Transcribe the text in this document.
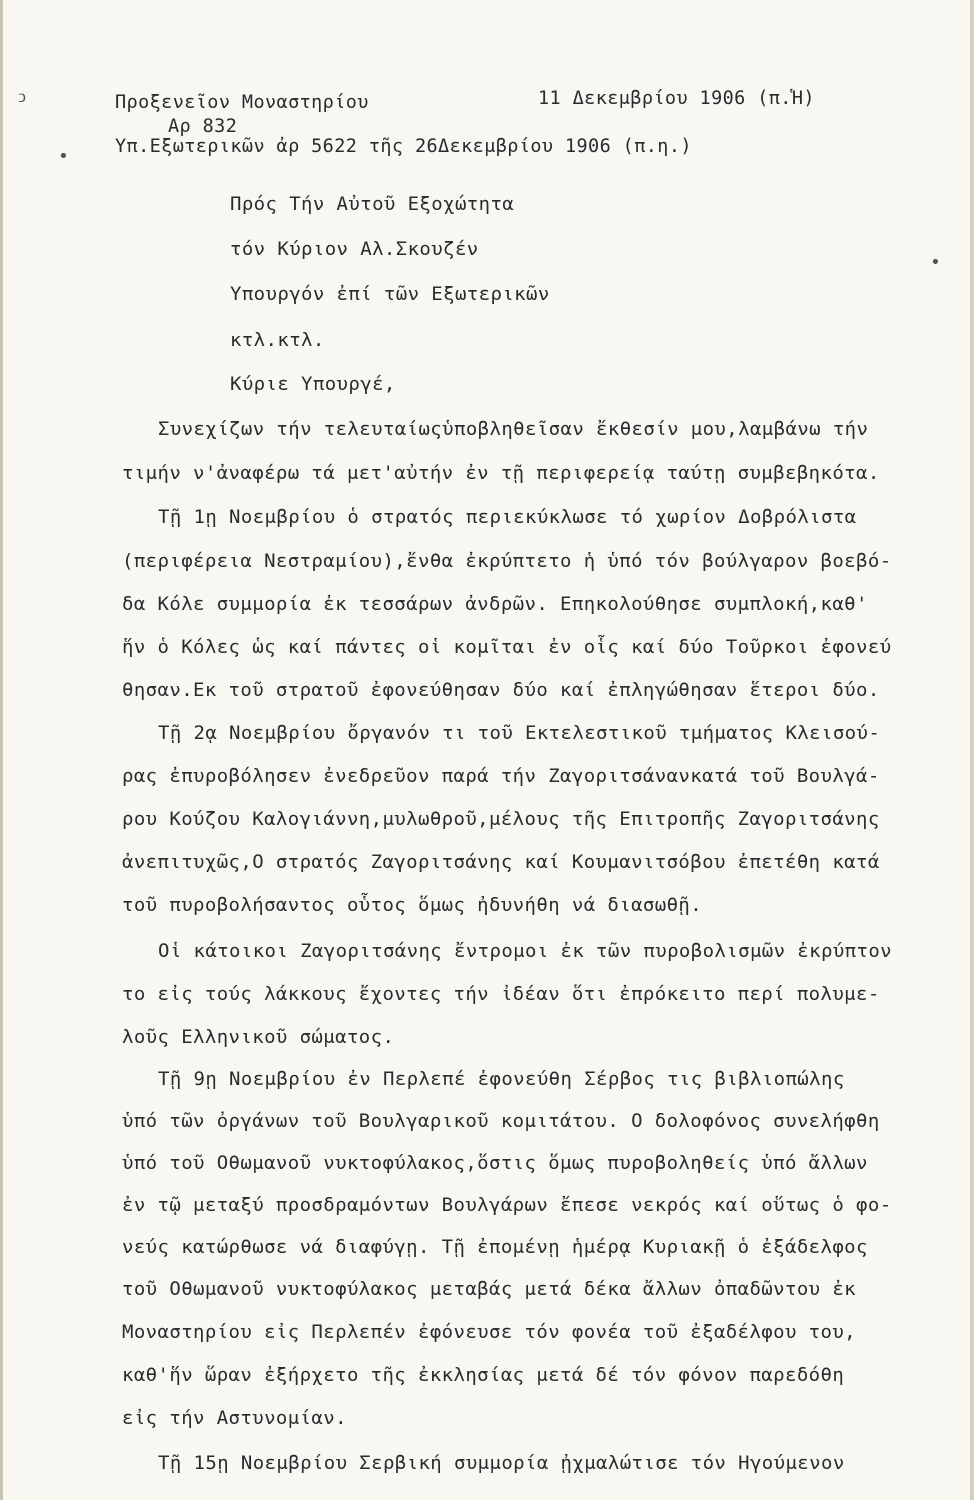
ↄ
•
•
Προξενεῖον Μοναστηρίου	11 Δεκεμβρίου 1906 (π.Ἡ)
Αρ 832
Υπ.Εξωτερικῶν ἀρ 5622 τῆς 26Δεκεμβρίου 1906 (π.η.)
Πρός Τήν Αὐτοῦ Εξοχώτητα
τόν Κύριον Αλ.Σκουζέν
Υπουργόν ἐπί τῶν Εξωτερικῶν
κτλ.κτλ.
Κύριε Υπουργέ,
Συνεχίζων τήν τελευταίωςὑποβληθεῖσαν ἔκθεσίν μου,λαμβάνω τήν
τιμήν ν'ἀναφέρω τά μετ'αὐτήν ἐν τῇ περιφερείᾳ ταύτῃ συμβεβηκότα.
Τῇ 1ῃ Νοεμβρίου ὁ στρατός περιεκύκλωσε τό χωρίον Δοβρόλιστα
(περιφέρεια Νεστραμίου),ἔνθα ἐκρύπτετο ἡ ὑπό τόν βούλγαρον βοεβό-
δα Κόλε συμμορία ἐκ τεσσάρων ἀνδρῶν. Επηκολούθησε συμπλοκή,καθ'
ἥν ὁ Κόλες ὡς καί πάντες οἱ κομῖται ἐν οἷς καί δύο Τοῦρκοι ἐφονεύ
θησαν.Εκ τοῦ στρατοῦ ἐφονεύθησαν δύο καί ἐπληγώθησαν ἕτεροι δύο.
Τῇ 2ᾳ Νοεμβρίου ὄργανόν τι τοῦ Εκτελεστικοῦ τμήματος Κλεισού-
ρας ἐπυροβόλησεν ἐνεδρεῦον παρά τήν Ζαγοριτσάνανκατά τοῦ Βουλγά-
ρου Κούζου Καλογιάννη,μυλωθροῦ,μέλους τῆς Επιτροπῆς Ζαγοριτσάνης
ἀνεπιτυχῶς,Ο στρατός Ζαγοριτσάνης καί Κουμανιτσόβου ἐπετέθη κατά
τοῦ πυροβολήσαντος οὗτος ὅμως ἠδυνήθη νά διασωθῇ.
Οἱ κάτοικοι Ζαγοριτσάνης ἔντρομοι ἐκ τῶν πυροβολισμῶν ἐκρύπτον
το εἰς τούς λάκκους ἔχοντες τήν ἰδέαν ὅτι ἐπρόκειτο περί πολυμε-
λοῦς Ελληνικοῦ σώματος.
Τῇ 9ῃ Νοεμβρίου ἐν Περλεπέ ἐφονεύθη Σέρβος τις βιβλιοπώλης
ὑπό τῶν ὀργάνων τοῦ Βουλγαρικοῦ κομιτάτου. Ο δολοφόνος συνελήφθη
ὑπό τοῦ Οθωμανοῦ νυκτοφύλακος,ὅστις ὅμως πυροβοληθείς ὑπό ἄλλων
ἐν τῷ μεταξύ προσδραμόντων Βουλγάρων ἔπεσε νεκρός καί οὕτως ὁ φο-
νεύς κατώρθωσε νά διαφύγῃ. Τῇ ἐπομένῃ ἡμέρᾳ Κυριακῇ ὁ ἐξάδελφος
τοῦ Οθωμανοῦ νυκτοφύλακος μεταβάς μετά δέκα ἄλλων ὀπαδῶντου ἐκ
Μοναστηρίου εἰς Περλεπέν ἐφόνευσε τόν φονέα τοῦ ἐξαδέλφου του,
καθ'ἥν ὥραν ἐξήρχετο τῆς ἐκκλησίας μετά δέ τόν φόνον παρεδόθη
εἰς τήν Αστυνομίαν.
Τῇ 15ῃ Νοεμβρίου Σερβική συμμορία ᾐχμαλώτισε τόν Ηγούμενον
